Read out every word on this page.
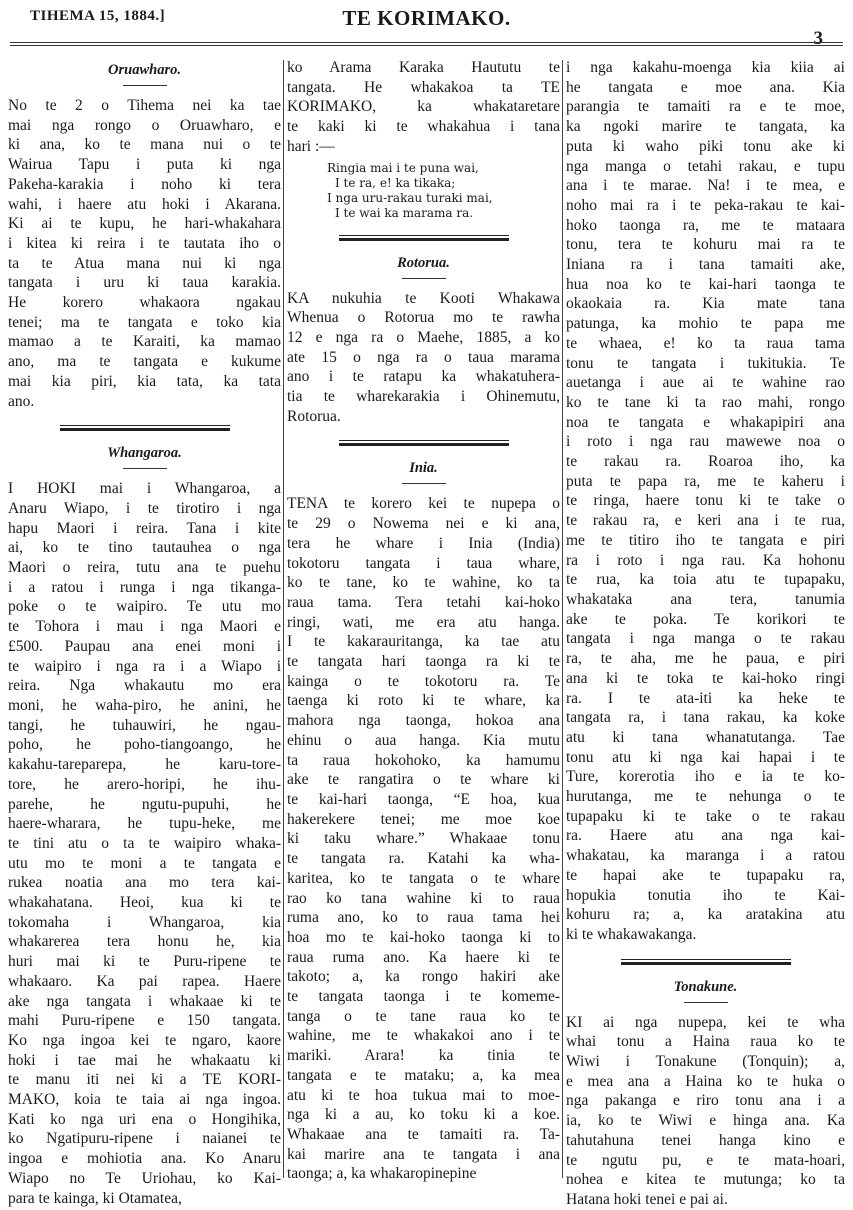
TIHEMA 15, 1884.]	TE KORIMAKO.
3
Oruawharo.
No te 2 o Tihema nei ka tae
mai nga rongo o Oruawharo, e
ki ana, ko te mana nui o te
Wairua Tapu i puta ki nga
Pakeha-karakia i noho ki tera
wahi, i haere atu hoki i Akarana.
Ki ai te kupu, he hari-whakahara
i kitea ki reira i te tautata iho o
ta te Atua mana nui ki nga
tangata i uru ki taua karakia.
He korero whakaora ngakau
tenei; ma te tangata e toko kia
mamao a te Karaiti, ka mamao
ano, ma te tangata e kukume
mai kia piri, kia tata, ka tata
ano.
Whangaroa.
I HOKI mai i Whangaroa, a
Anaru Wiapo, i te tirotiro i nga
hapu Maori i reira. Tana i kite
ai, ko te tino tautauhea o nga
Maori o reira, tutu ana te puehu
i a ratou i runga i nga tikanga-
poke o te waipiro. Te utu mo
te Tohora i mau i nga Maori e
£500. Paupau ana enei moni i
te waipiro i nga ra i a Wiapo i
reira. Nga whakautu mo era
moni, he waha-piro, he anini, he
tangi, he tuhauwiri, he ngau-
poho, he poho-tiangoango, he
kakahu-tareparepa, he karu-tore-
tore, he arero-horipi, he ihu-
parehe, he ngutu-pupuhi, he
haere-wharara, he tupu-heke, me
te tini atu o ta te waipiro whaka-
utu mo te moni a te tangata e
rukea noatia ana mo tera kai-
whakahatana. Heoi, kua ki te
tokomaha i Whangaroa, kia
whakarerea tera honu he, kia
huri mai ki te Puru-ripene te
whakaaro. Ka pai rapea. Haere
ake nga tangata i whakaae ki te
mahi Puru-ripene e 150 tangata.
Ko nga ingoa kei te ngaro, kaore
hoki i tae mai he whakaatu ki
te manu iti nei ki a TE KORI-
MAKO, koia te taia ai nga ingoa.
Kati ko nga uri ena o Hongihika,
ko Ngatipuru-ripene i naianei te
ingoa e mohiotia ana. Ko Anaru
Wiapo no Te Uriohau, ko Kai-
para te kainga, ki Otamatea,
ko Arama Karaka Haututu te
tangata. He whakakoa ta TE
KORIMAKO, ka whakataretare
te kaki ki te whakahua i tana
hari :—
Ringia mai i te puna wai,
I te ra, e! ka tikaka;
I nga uru-rakau turaki mai,
I te wai ka marama ra.
Rotorua.
KA nukuhia te Kooti Whakawa
Whenua o Rotorua mo te rawha
12 e nga ra o Maehe, 1885, a ko
ate 15 o nga ra o taua marama
ano i te ratapu ka whakatuhera-
tia te wharekarakia i Ohinemutu,
Rotorua.
Inia.
TENA te korero kei te nupepa o
te 29 o Nowema nei e ki ana,
tera he whare i Inia (India)
tokotoru tangata i taua whare,
ko te tane, ko te wahine, ko ta
raua tama. Tera tetahi kai-hoko
ringi, wati, me era atu hanga.
I te kakarauritanga, ka tae atu
te tangata hari taonga ra ki te
kainga o te tokotoru ra. Te
taenga ki roto ki te whare, ka
mahora nga taonga, hokoa ana
ehinu o aua hanga. Kia mutu
ta raua hokohoko, ka hamumu
ake te rangatira o te whare ki
te kai-hari taonga, “E hoa, kua
hakerekere tenei; me moe koe
ki taku whare.” Whakaae tonu
te tangata ra. Katahi ka wha-
karitea, ko te tangata o te whare
rao ko tana wahine ki to raua
ruma ano, ko to raua tama hei
hoa mo te kai-hoko taonga ki to
raua ruma ano. Ka haere ki te
takoto; a, ka rongo hakiri ake
te tangata taonga i te komeme-
tanga o te tane raua ko te
wahine, me te whakakoi ano i te
mariki. Arara! ka tinia te
tangata e te mataku; a, ka mea
atu ki te hoa tukua mai to moe-
nga ki a au, ko toku ki a koe.
Whakaae ana te tamaiti ra. Ta-
kai marire ana te tangata i ana
taonga; a, ka whakaropinepine
i nga kakahu-moenga kia kiia ai
he tangata e moe ana. Kia
parangia te tamaiti ra e te moe,
ka ngoki marire te tangata, ka
puta ki waho piki tonu ake ki
nga manga o tetahi rakau, e tupu
ana i te marae. Na! i te mea, e
noho mai ra i te peka-rakau te kai-
hoko taonga ra, me te mataara
tonu, tera te kohuru mai ra te
Iniana ra i tana tamaiti ake,
hua noa ko te kai-hari taonga te
okaokaia ra. Kia mate tana
patunga, ka mohio te papa me
te whaea, e! ko ta raua tama
tonu te tangata i tukitukia. Te
auetanga i aue ai te wahine rao
ko te tane ki ta rao mahi, rongo
noa te tangata e whakapipiri ana
i roto i nga rau mawewe noa o
te rakau ra. Roaroa iho, ka
puta te papa ra, me te kaheru i
te ringa, haere tonu ki te take o
te rakau ra, e keri ana i te rua,
me te titiro iho te tangata e piri
ra i roto i nga rau. Ka hohonu
te rua, ka toia atu te tupapaku,
whakataka ana tera, tanumia
ake te poka. Te korikori te
tangata i nga manga o te rakau
ra, te aha, me he paua, e piri
ana ki te toka te kai-hoko ringi
ra. I te ata-iti ka heke te
tangata ra, i tana rakau, ka koke
atu ki tana whanatutanga. Tae
tonu atu ki nga kai hapai i te
Ture, korerotia iho e ia te ko-
hurutanga, me te nehunga o te
tupapaku ki te take o te rakau
ra. Haere atu ana nga kai-
whakatau, ka maranga i a ratou
te hapai ake te tupapaku ra,
hopukia tonutia iho te Kai-
kohuru ra; a, ka aratakina atu
ki te whakawakanga.
Tonakune.
KI ai nga nupepa, kei te wha
whai tonu a Haina raua ko te
Wiwi i Tonakune (Tonquin); a,
e mea ana a Haina ko te huka o
nga pakanga e riro tonu ana i a
ia, ko te Wiwi e hinga ana. Ka
tahutahuna tenei hanga kino e
te ngutu pu, e te mata-hoari,
nohea e kitea te mutunga; ko ta
Hatana hoki tenei e pai ai.
